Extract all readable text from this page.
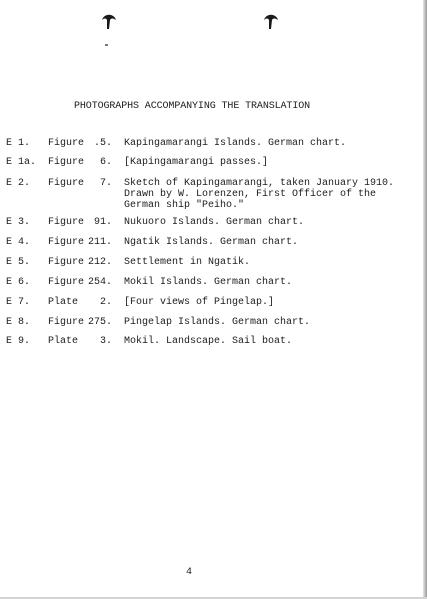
PHOTOGRAPHS ACCOMPANYING THE TRANSLATION
E 1. Figure .5. Kapingamarangi Islands. German chart.
E 1a. Figure	6. [Kapingamarangi passes.]
E 2. Figure	7. Sketch of Kapingamarangi, taken January 1910.
Drawn by W. Lorenzen, First Officer of the
German ship "Peiho."
E 3. Figure 91. Nukuoro Islands. German chart.
E 4. Figure 211. Ngatik Islands. German chart.
E 5. Figure 212. Settlement in Ngatik.
E 6. Figure 254. Mokil Islands. German chart.
E 7. Plate	2. [Four views of Pingelap.]
E 8. Figure 275. Pingelap Islands. German chart.
E 9. Plate	3. Mokil. Landscape. Sail boat.
4
